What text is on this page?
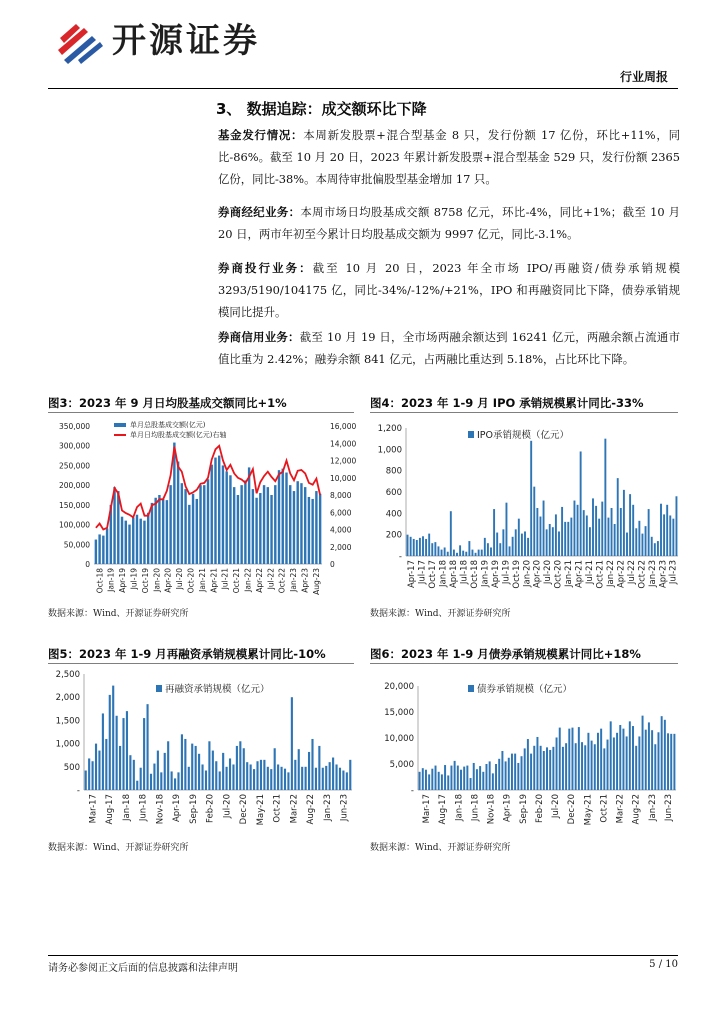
开源证券
行业周报
3、 数据追踪：成交额环比下降
基金发行情况：本周新发股票+混合型基金 8 只，发行份额 17 亿份，环比+11%，同比-86%。截至 10 月 20 日，2023 年累计新发股票+混合型基金 529 只，发行份额 2365 亿份，同比-38%。本周待审批偏股型基金增加 17 只。
券商经纪业务：本周市场日均股基成交额 8758 亿元，环比-4%，同比+1%；截至 10 月 20 日，两市年初至今累计日均股基成交额为 9997 亿元，同比-3.1%。
券商投行业务：截至 10 月 20 日，2023 年全市场 IPO/再融资/债券承销规模 3293/5190/104175 亿，同比-34%/-12%/+21%，IPO 和再融资同比下降，债券承销规模同比提升。
券商信用业务：截至 10 月 19 日，全市场两融余额达到 16241 亿元，两融余额占流通市值比重为 2.42%；融券余额 841 亿元，占两融比重达到 5.18%，占比环比下降。
图3：2023 年 9 月日均股基成交额同比+1%
0
50,000
100,000
150,000
200,000
250,000
300,000
350,000
0
2,000
4,000
6,000
8,000
10,000
12,000
14,000
16,000
Oct-18 Jan-19 Apr-19 Jul-19 Oct-19 Jan-20 Apr-20 Jul-20 Oct-20 Jan-21 Apr-21 Jul-21 Oct-21 Jan-22 Apr-22 Jul-22 Oct-22 Jan-23 Apr-23 Aug-23
单月总股基成交额(亿元)
单月日均股基成交额(亿元)右轴
数据来源：Wind、开源证券研究所
图4：2023 年 1-9 月 IPO 承销规模累计同比-33%
-
200
400
600
800
1,000
1,200
Apr-17 Jul-17 Oct-17 Jan-18 Apr-18 Jul-18 Oct-18 Jan-19 Apr-19 Jul-19 Oct-19 Jan-20 Apr-20 Jul-20 Oct-20 Jan-21 Apr-21 Jul-21 Oct-21 Jan-22 Apr-22 Jul-22 Oct-22 Jan-23 Apr-23 Jul-23
IPO承销规模（亿元）
数据来源：Wind、开源证券研究所
图5：2023 年 1-9 月再融资承销规模累计同比-10%
-
500
1,000
1,500
2,000
2,500
Mar-17 Aug-17 Jan-18 Jun-18 Nov-18 Apr-19 Sep-19 Feb-20 Jul-20 Dec-20 May-21 Oct-21 Mar-22 Aug-22 Jan-23 Jun-23
再融资承销规模（亿元）
数据来源：Wind、开源证券研究所
图6：2023 年 1-9 月债券承销规模累计同比+18%
-
5,000
10,000
15,000
20,000
Mar-17 Aug-17 Jan-18 Jun-18 Nov-18 Apr-19 Sep-19 Feb-20 Jul-20 Dec-20 May-21 Oct-21 Mar-22 Aug-22 Jan-23 Jun-23
债券承销规模（亿元）
数据来源：Wind、开源证券研究所
请务必参阅正文后面的信息披露和法律声明	5 / 10
